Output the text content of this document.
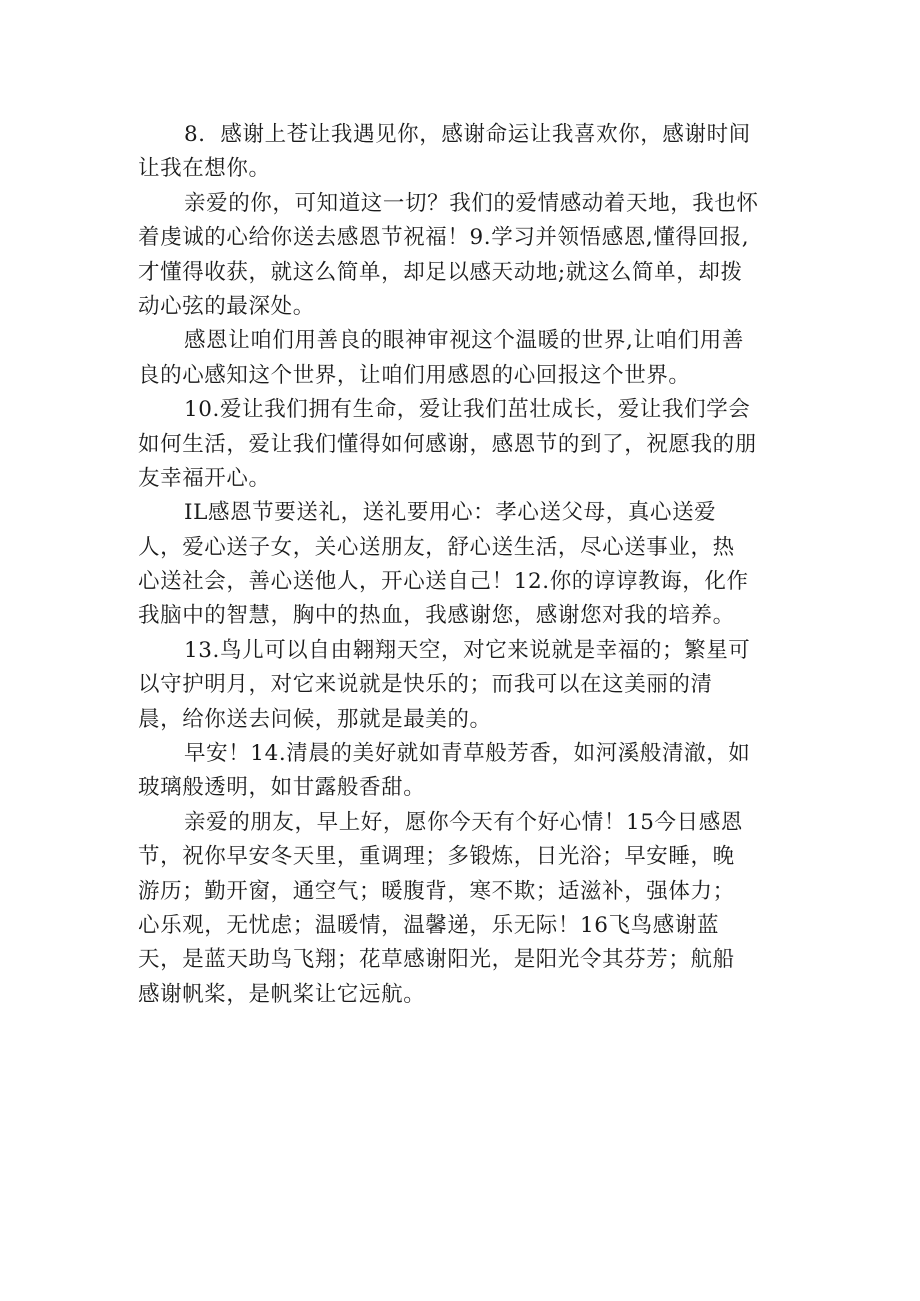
8．感谢上苍让我遇见你，感谢命运让我喜欢你，感谢时间
让我在想你。
亲爱的你，可知道这一切？我们的爱情感动着天地，我也怀
着虔诚的心给你送去感恩节祝福！9.学习并领悟感恩,懂得回报,
才懂得收获，就这么简单，却足以感天动地;就这么简单，却拨
动心弦的最深处。
感恩让咱们用善良的眼神审视这个温暖的世界,让咱们用善
良的心感知这个世界，让咱们用感恩的心回报这个世界。
10.爱让我们拥有生命，爱让我们茁壮成长，爱让我们学会
如何生活，爱让我们懂得如何感谢，感恩节的到了，祝愿我的朋
友幸福开心。
IL感恩节要送礼，送礼要用心：孝心送父母，真心送爱
人，爱心送子女，关心送朋友，舒心送生活，尽心送事业，热
心送社会，善心送他人，开心送自己！12.你的谆谆教诲，化作
我脑中的智慧，胸中的热血，我感谢您，感谢您对我的培养。
13.鸟儿可以自由翱翔天空，对它来说就是幸福的；繁星可
以守护明月，对它来说就是快乐的；而我可以在这美丽的清
晨，给你送去问候，那就是最美的。
早安！14.清晨的美好就如青草般芳香，如河溪般清澈，如
玻璃般透明，如甘露般香甜。
亲爱的朋友，早上好，愿你今天有个好心情！15今日感恩
节，祝你早安冬天里，重调理；多锻炼，日光浴；早安睡，晚
游历；勤开窗，通空气；暖腹背，寒不欺；适滋补，强体力；
心乐观，无忧虑；温暖情，温馨递，乐无际！16飞鸟感谢蓝
天，是蓝天助鸟飞翔；花草感谢阳光，是阳光令其芬芳；航船
感谢帆桨，是帆桨让它远航。
